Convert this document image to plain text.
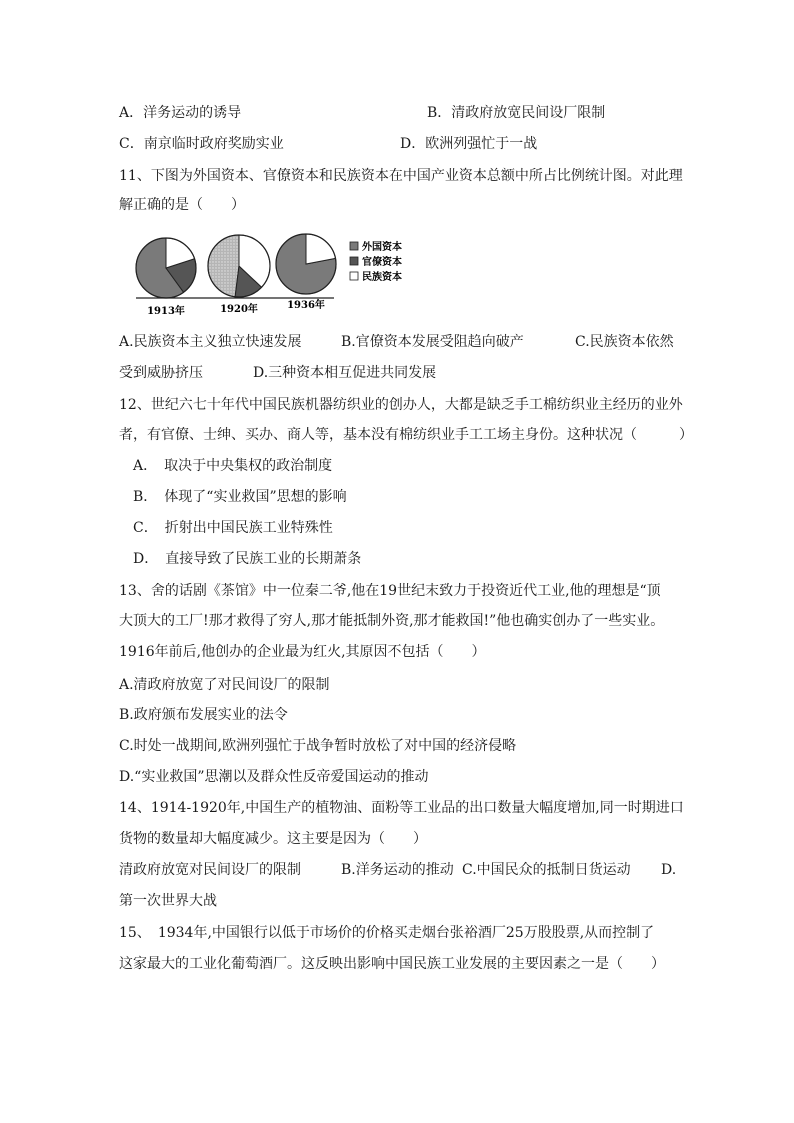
A．洋务运动的诱导	B．清政府放宽民间设厂限制
C．南京临时政府奖励实业	D．欧洲列强忙于一战
11、下图为外国资本、官僚资本和民族资本在中国产业资本总额中所占比例统计图。对此理
解正确的是（　　）
1913年	1920年	1936年
外国资本
官僚资本
民族资本
A.民族资本主义独立快速发展	B.官僚资本发展受阻趋向破产	C.民族资本依然
受到威胁挤压	D.三种资本相互促进共同发展
12、世纪六七十年代中国民族机器纺织业的创办人，大都是缺乏手工棉纺织业主经历的业外
者，有官僚、士绅、买办、商人等，基本没有棉纺织业手工工场主身份。这种状况（　　　）
A．　取决于中央集权的政治制度
B．　体现了“实业救国”思想的影响
C．　折射出中国民族工业特殊性
D．　直接导致了民族工业的长期萧条
13、舍的话剧《茶馆》中一位秦二爷,他在19世纪末致力于投资近代工业,他的理想是“顶
大顶大的工厂!那才救得了穷人,那才能抵制外资,那才能救国!”他也确实创办了一些实业。
1916年前后,他创办的企业最为红火,其原因不包括（　　）
A.清政府放宽了对民间设厂的限制
B.政府颁布发展实业的法令
C.时处一战期间,欧洲列强忙于战争暂时放松了对中国的经济侵略
D.“实业救国”思潮以及群众性反帝爱国运动的推动
14、1914-1920年,中国生产的植物油、面粉等工业品的出口数量大幅度增加,同一时期进口
货物的数量却大幅度减少。这主要是因为（　　）
清政府放宽对民间设厂的限制	B.洋务运动的推动 C.中国民众的抵制日货运动 D.
第一次世界大战
15、　1934年,中国银行以低于市场价的价格买走烟台张裕酒厂25万股股票,从而控制了
这家最大的工业化葡萄酒厂。这反映出影响中国民族工业发展的主要因素之一是（　　）
